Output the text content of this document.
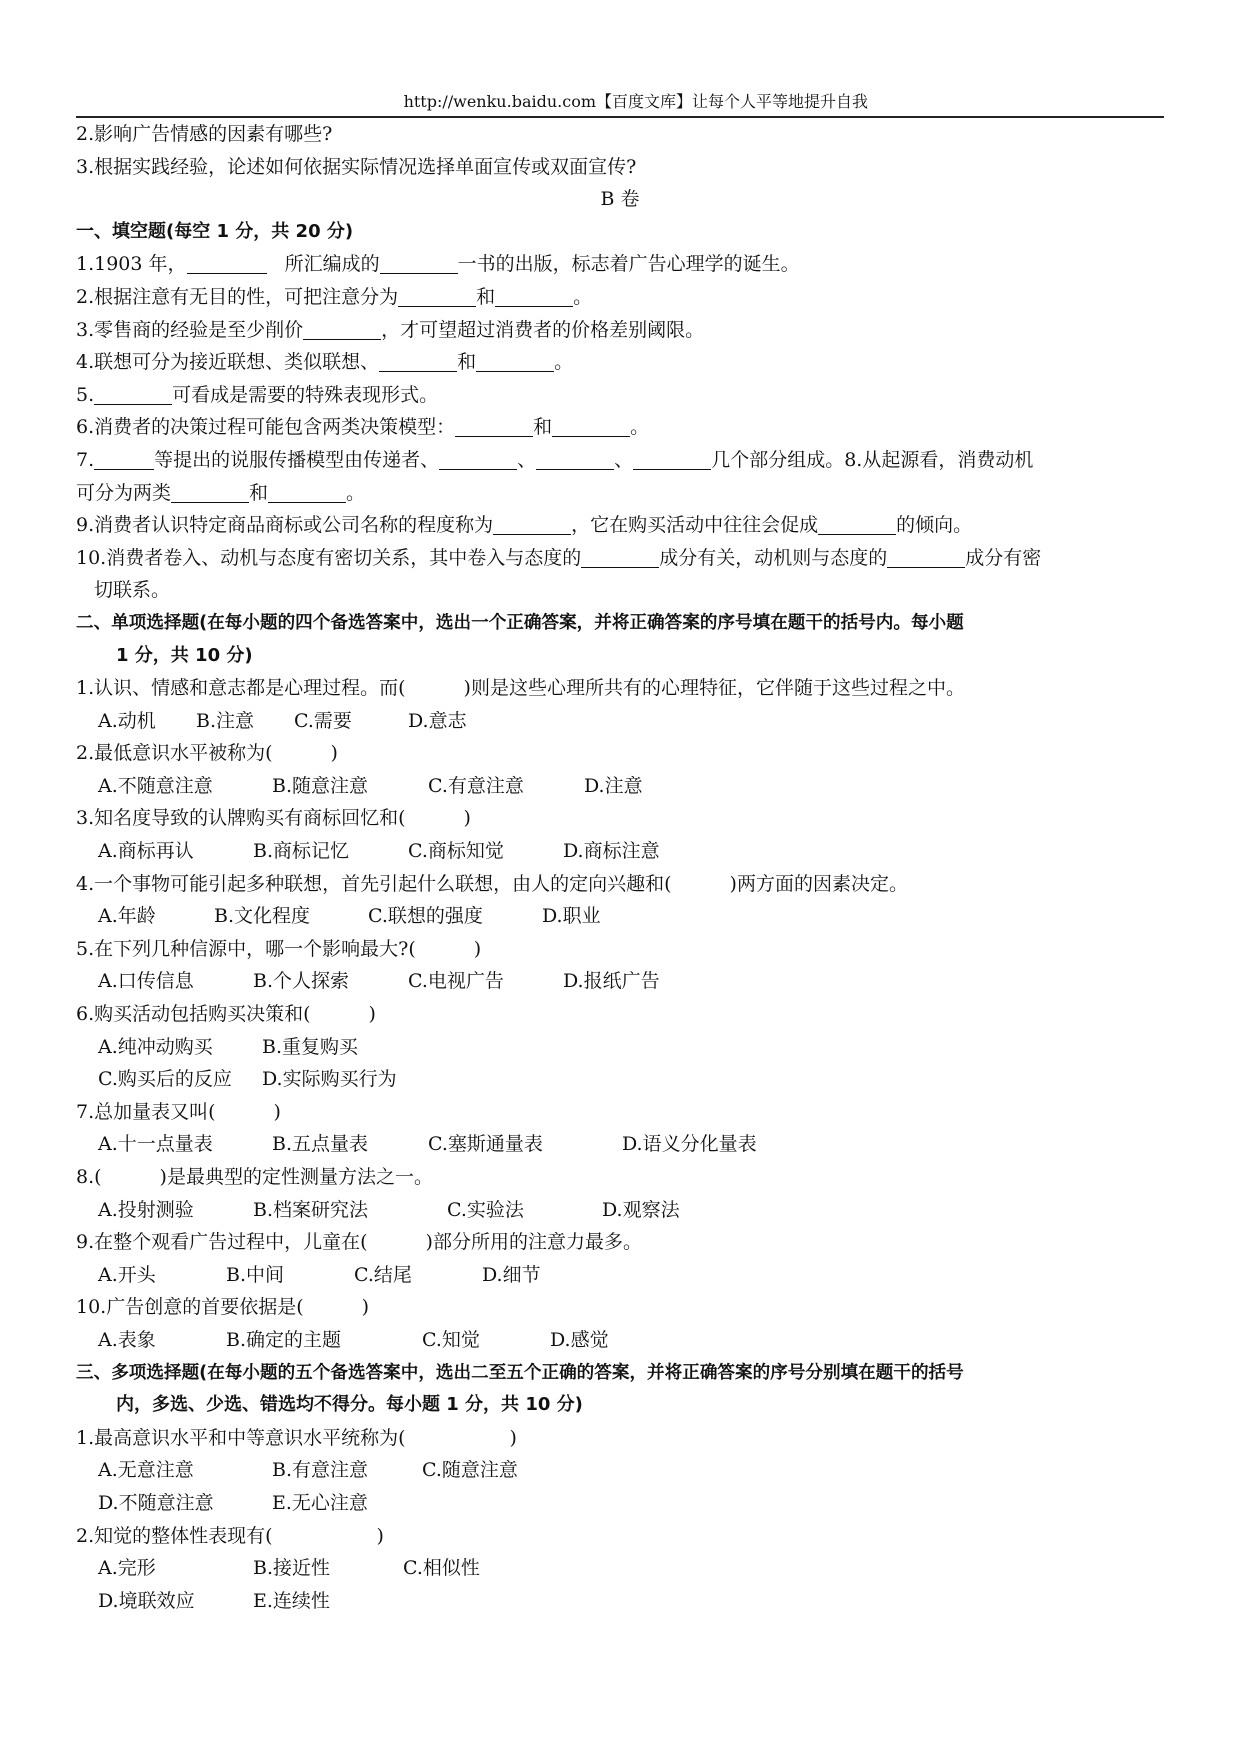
http://wenku.baidu.com【百度文库】让每个人平等地提升自我
2.影响广告情感的因素有哪些?
3.根据实践经验，论述如何依据实际情况选择单面宣传或双面宣传?
B 卷
一、填空题(每空 1 分，共 20 分)
1.1903 年，	所汇编成的	一书的出版，标志着广告心理学的诞生。
2.根据注意有无目的性，可把注意分为	和	。
3.零售商的经验是至少削价	，才可望超过消费者的价格差别阈限。
4.联想可分为接近联想、类似联想、	和	。
5.	可看成是需要的特殊表现形式。
6.消费者的决策过程可能包含两类决策模型：	和	。
7.	等提出的说服传播模型由传递者、	、	、	几个部分组成。8.从起源看，消费动机
可分为两类	和	。
9.消费者认识特定商品商标或公司名称的程度称为	，它在购买活动中往往会促成	的倾向。
10.消费者卷入、动机与态度有密切关系，其中卷入与态度的	成分有关，动机则与态度的	成分有密
切联系。
二、单项选择题(在每小题的四个备选答案中，选出一个正确答案，并将正确答案的序号填在题干的括号内。每小题
1 分，共 10 分)
1.认识、情感和意志都是心理过程。而(	)则是这些心理所共有的心理特征，它伴随于这些过程之中。
A.动机	B.注意	C.需要	D.意志
2.最低意识水平被称为(	)
A.不随意注意	B.随意注意	C.有意注意	D.注意
3.知名度导致的认牌购买有商标回忆和(	)
A.商标再认	B.商标记忆	C.商标知觉	D.商标注意
4.一个事物可能引起多种联想，首先引起什么联想，由人的定向兴趣和(	)两方面的因素决定。
A.年龄	B.文化程度	C.联想的强度	D.职业
5.在下列几种信源中，哪一个影响最大?(	)
A.口传信息	B.个人探索	C.电视广告	D.报纸广告
6.购买活动包括购买决策和(	)
A.纯冲动购买	B.重复购买
C.购买后的反应	D.实际购买行为
7.总加量表又叫(	)
A.十一点量表	B.五点量表	C.塞斯通量表	D.语义分化量表
8.(	)是最典型的定性测量方法之一。
A.投射测验	B.档案研究法	C.实验法	D.观察法
9.在整个观看广告过程中，儿童在(	)部分所用的注意力最多。
A.开头	B.中间	C.结尾	D.细节
10.广告创意的首要依据是(	)
A.表象	B.确定的主题	C.知觉	D.感觉
三、多项选择题(在每小题的五个备选答案中，选出二至五个正确的答案，并将正确答案的序号分别填在题干的括号
内，多选、少选、错选均不得分。每小题 1 分，共 10 分)
1.最高意识水平和中等意识水平统称为(	)
A.无意注意	B.有意注意	C.随意注意
D.不随意注意	E.无心注意
2.知觉的整体性表现有(	)
A.完形	B.接近性	C.相似性
D.境联效应	E.连续性
